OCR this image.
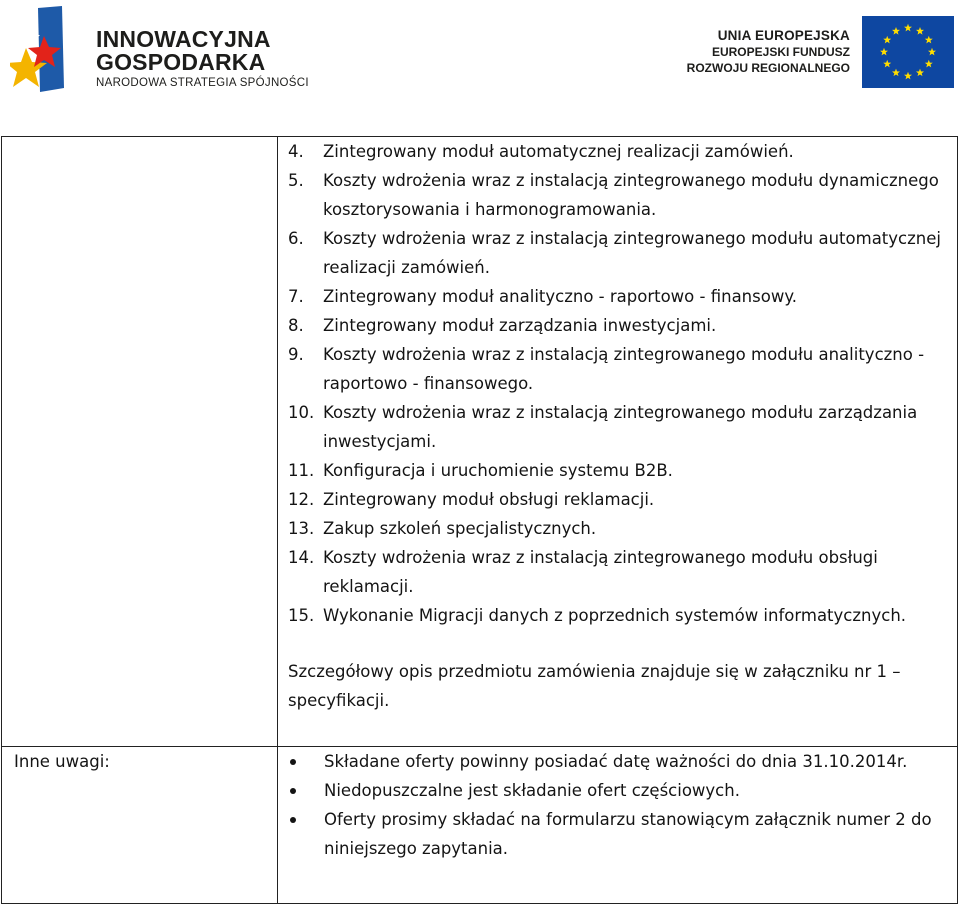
INNOWACYJNA
GOSPODARKA
NARODOWA STRATEGIA SPÓJNOŚCI
UNIA EUROPEJSKA
EUROPEJSKI FUNDUSZ
ROZWOJU REGIONALNEGO
4. Zintegrowany moduł automatycznej realizacji zamówień.
5. Koszty wdrożenia wraz z instalacją zintegrowanego modułu dynamicznego kosztorysowania i harmonogramowania.
6. Koszty wdrożenia wraz z instalacją zintegrowanego modułu automatycznej realizacji zamówień.
7. Zintegrowany moduł analityczno - raportowo - finansowy.
8. Zintegrowany moduł zarządzania inwestycjami.
9. Koszty wdrożenia wraz z instalacją zintegrowanego modułu analityczno - raportowo - finansowego.
10. Koszty wdrożenia wraz z instalacją zintegrowanego modułu zarządzania inwestycjami.
11. Konfiguracja i uruchomienie systemu B2B.
12. Zintegrowany moduł obsługi reklamacji.
13. Zakup szkoleń specjalistycznych.
14. Koszty wdrożenia wraz z instalacją zintegrowanego modułu obsługi reklamacji.
15. Wykonanie Migracji danych z poprzednich systemów informatycznych.
Szczegółowy opis przedmiotu zamówienia znajduje się w załączniku nr 1 – specyfikacji.
Inne uwagi:	Składane oferty powinny posiadać datę ważności do dnia 31.10.2014r.
Niedopuszczalne jest składanie ofert częściowych.
Oferty prosimy składać na formularzu stanowiącym załącznik numer 2 do niniejszego zapytania.
